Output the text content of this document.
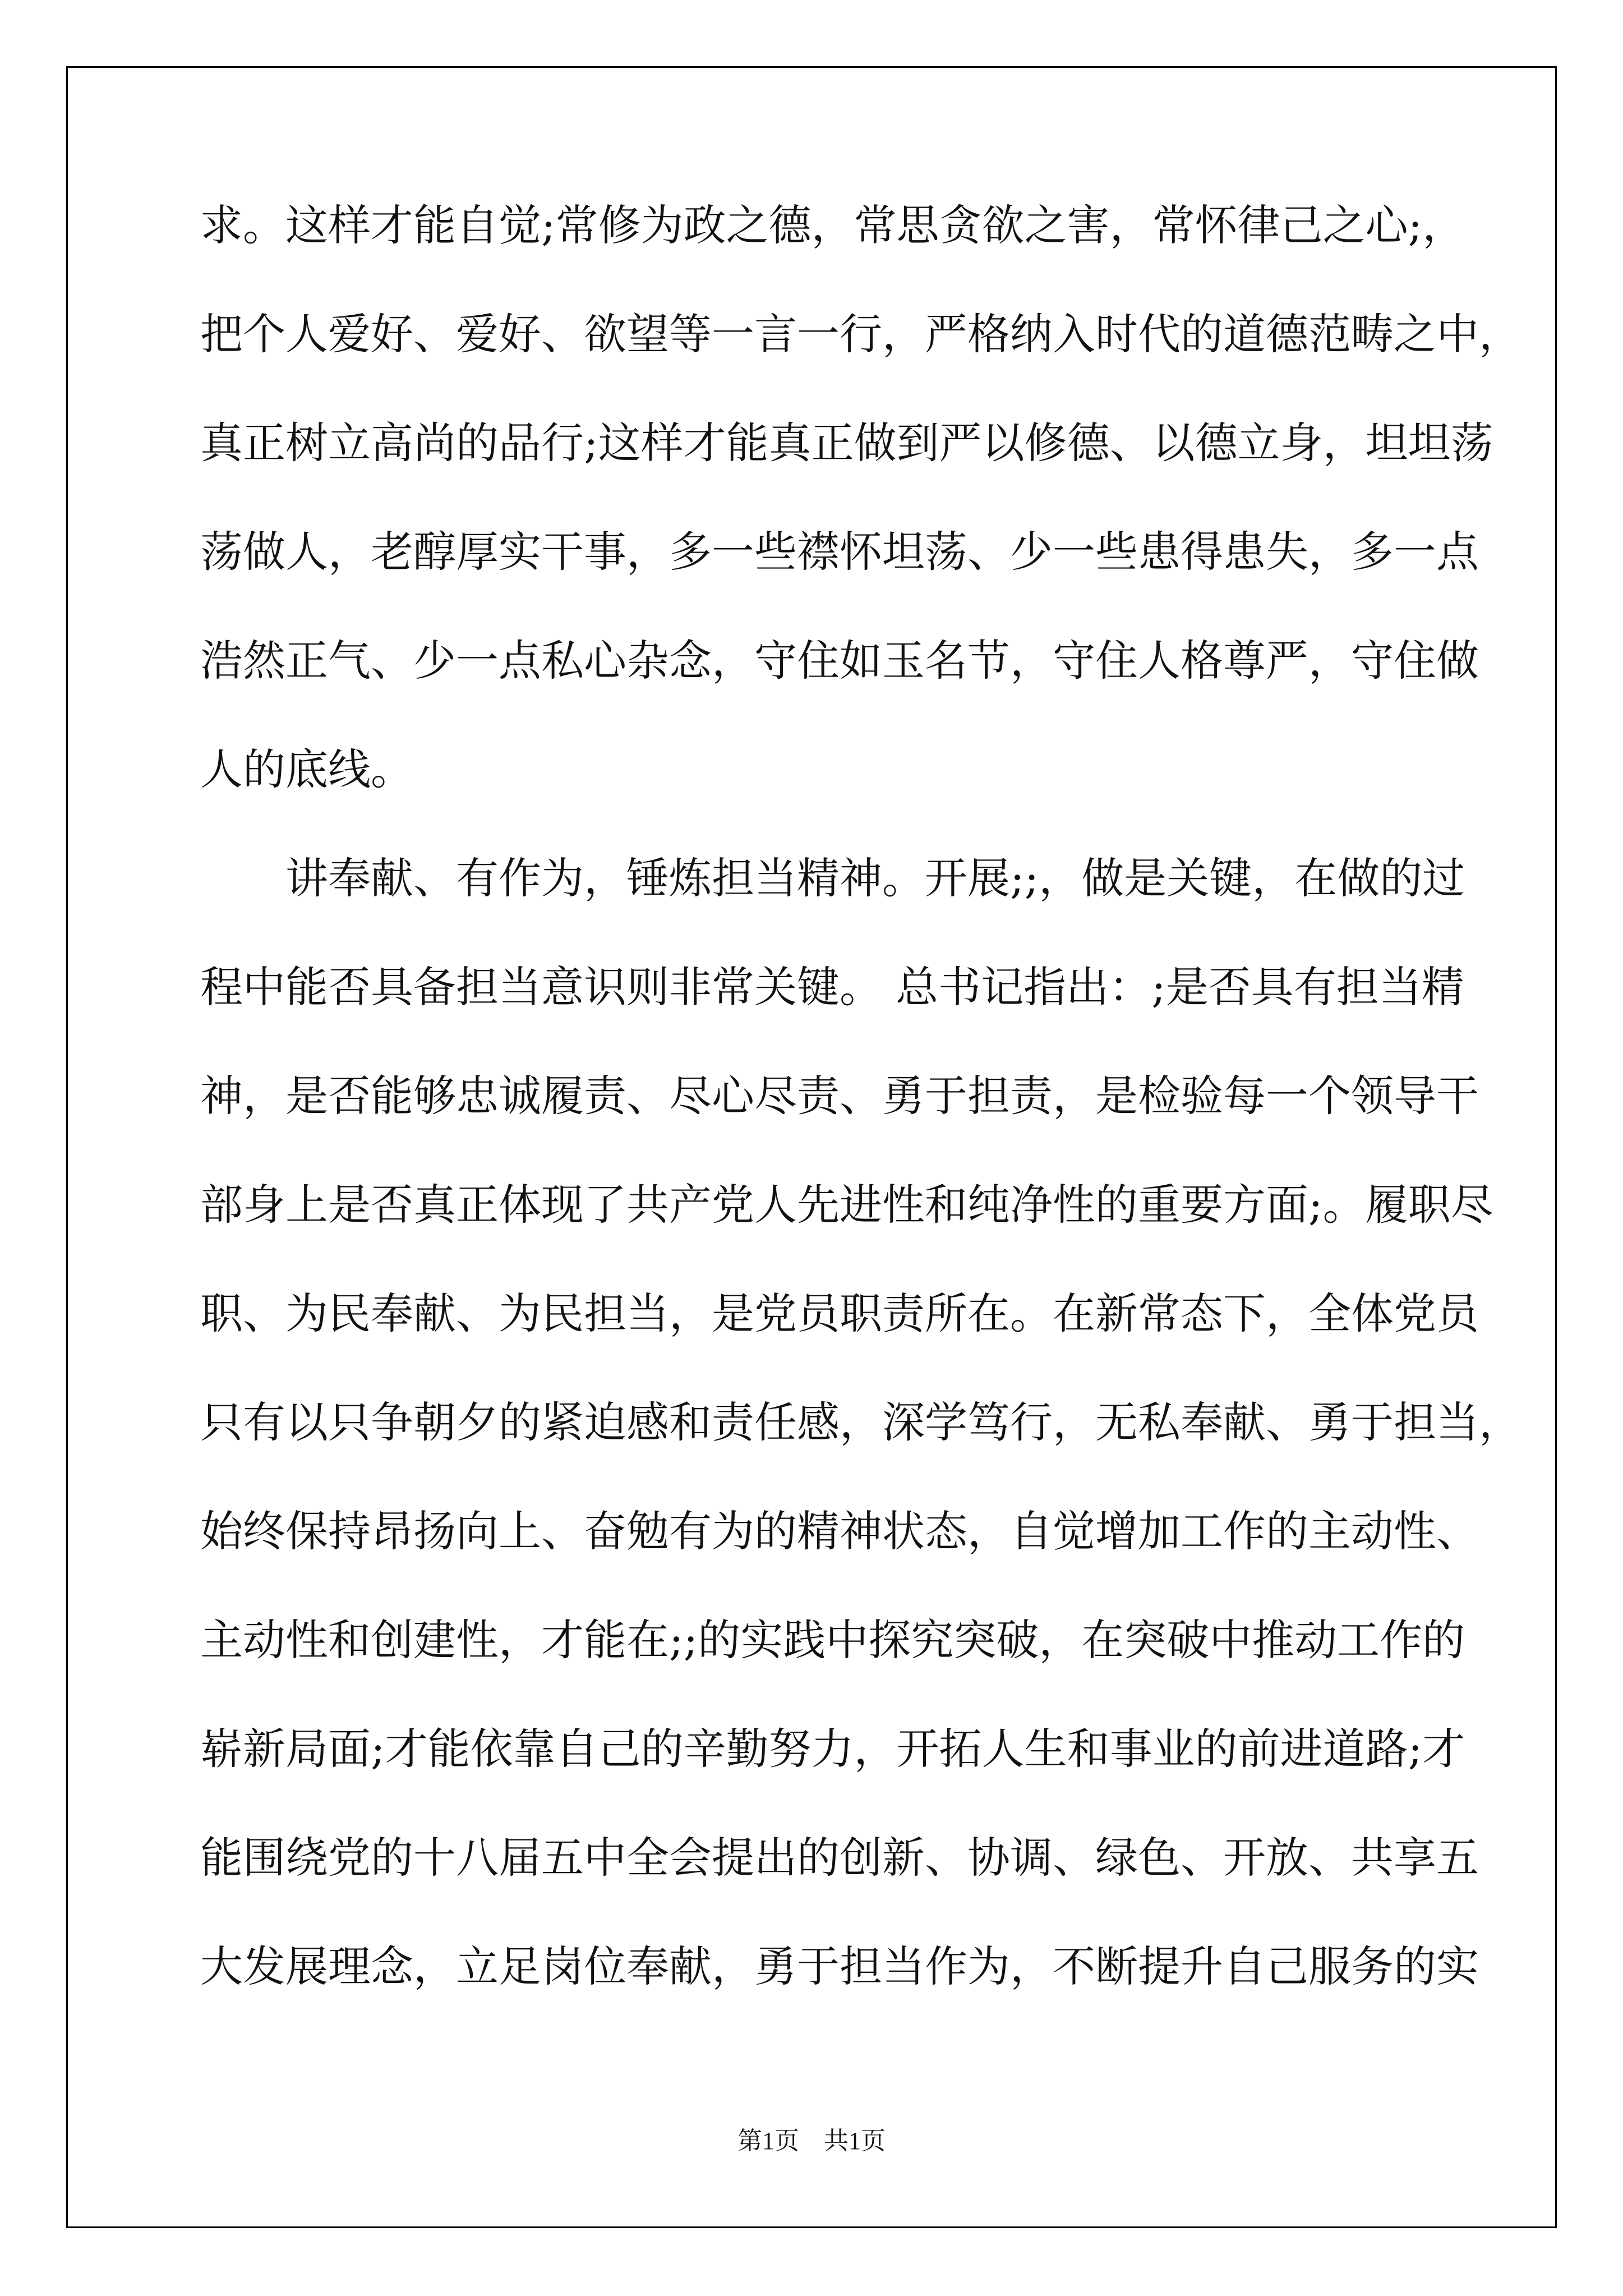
求。这样才能自觉;常修为政之德，常思贪欲之害，常怀律己之心;，
把个人爱好、爱好、欲望等一言一行，严格纳入时代的道德范畴之中，
真正树立高尚的品行;这样才能真正做到严以修德、以德立身，坦坦荡
荡做人，老醇厚实干事，多一些襟怀坦荡、少一些患得患失，多一点
浩然正气、少一点私心杂念，守住如玉名节，守住人格尊严，守住做
人的底线。
　　讲奉献、有作为，锤炼担当精神。开展;;，做是关键，在做的过
程中能否具备担当意识则非常关键。 总书记指出：;是否具有担当精
神，是否能够忠诚履责、尽心尽责、勇于担责，是检验每一个领导干
部身上是否真正体现了共产党人先进性和纯净性的重要方面;。履职尽
职、为民奉献、为民担当，是党员职责所在。在新常态下，全体党员
只有以只争朝夕的紧迫感和责任感，深学笃行，无私奉献、勇于担当，
始终保持昂扬向上、奋勉有为的精神状态，自觉增加工作的主动性、
主动性和创建性，才能在;;的实践中探究突破，在突破中推动工作的
崭新局面;才能依靠自己的辛勤努力，开拓人生和事业的前进道路;才
能围绕党的十八届五中全会提出的创新、协调、绿色、开放、共享五
大发展理念，立足岗位奉献，勇于担当作为，不断提升自己服务的实
第1页　共1页
